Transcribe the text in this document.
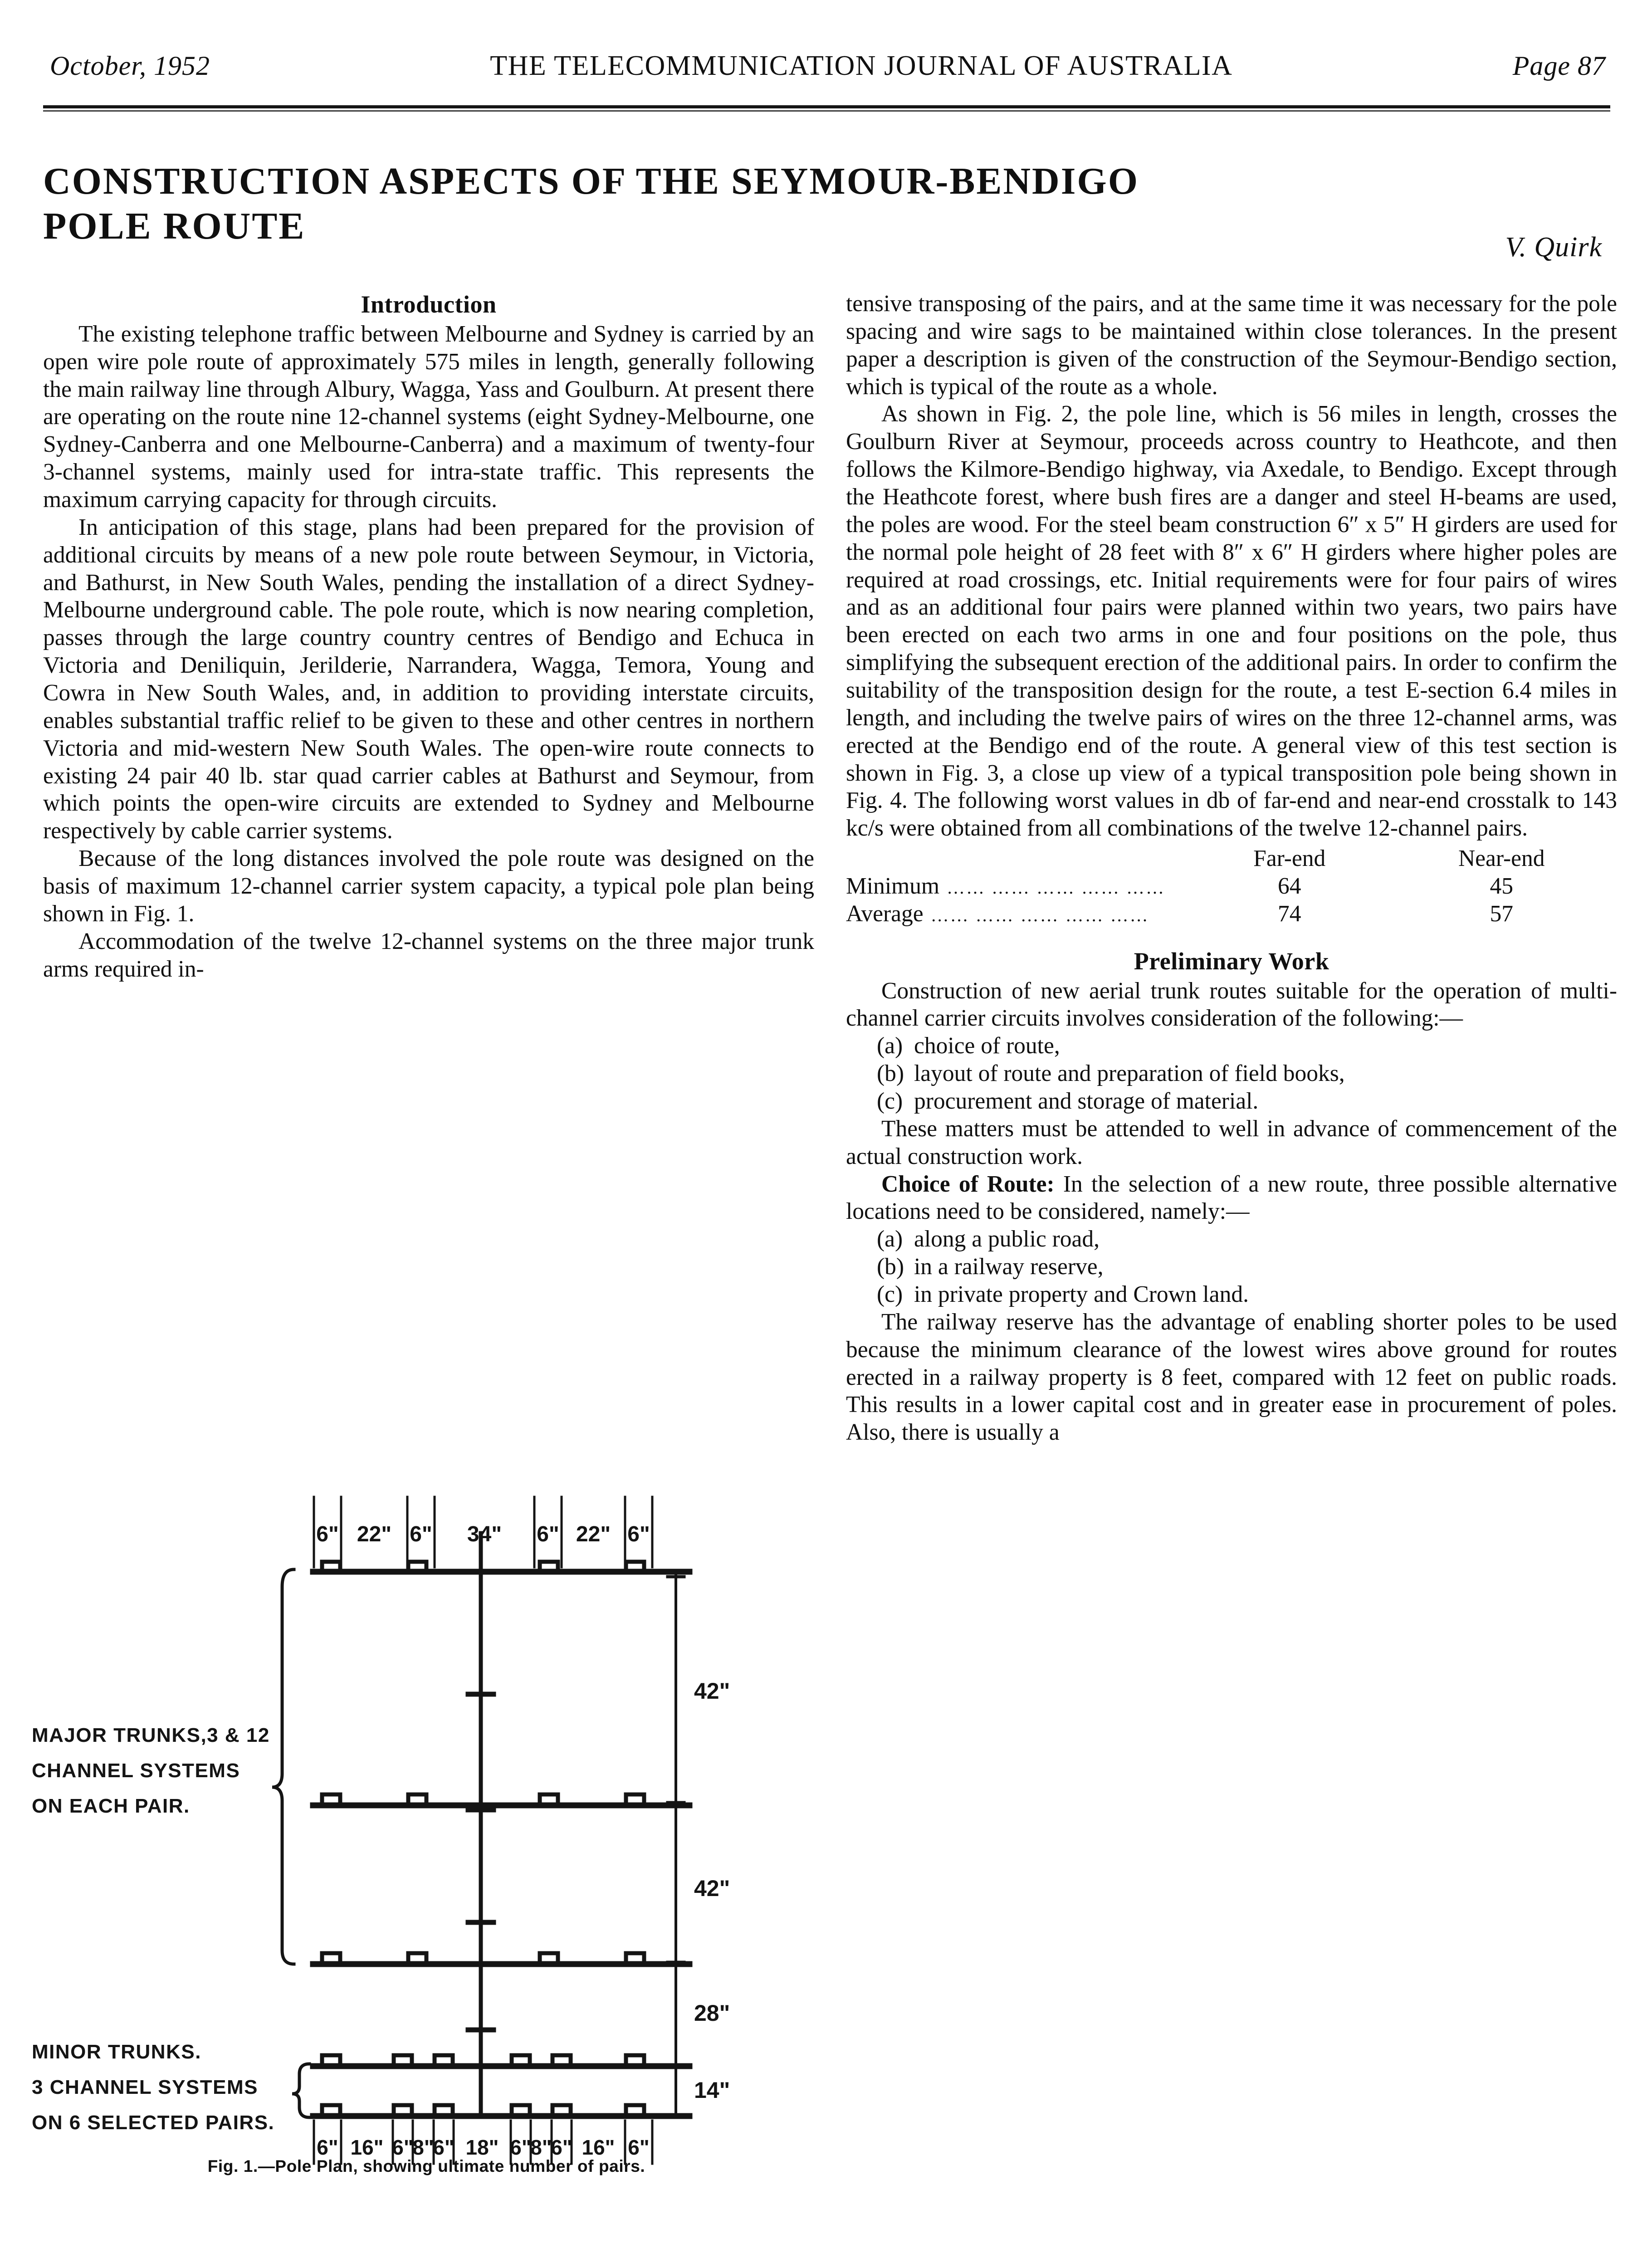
October, 1952	THE TELECOMMUNICATION JOURNAL OF AUSTRALIA	Page 87
CONSTRUCTION ASPECTS OF THE SEYMOUR-BENDIGO
POLE ROUTE	V. Quirk
Introduction

The existing telephone traffic between Melbourne and Sydney is carried by an open wire pole route of approximately 575 miles in length, generally following the main railway line through Albury, Wagga, Yass and Goulburn. At present there are operating on the route nine 12-channel systems (eight Sydney-Melbourne, one Sydney-Canberra and one Melbourne-Canberra) and a maximum of twenty-four 3-channel systems, mainly used for intra-state traffic. This represents the maximum carrying capacity for through circuits.

In anticipation of this stage, plans had been prepared for the provision of additional circuits by means of a new pole route between Seymour, in Victoria, and Bathurst, in New South Wales, pending the installation of a direct Sydney-Melbourne underground cable. The pole route, which is now nearing completion, passes through the large country country centres of Bendigo and Echuca in Victoria and Deniliquin, Jerilderie, Narrandera, Wagga, Temora, Young and Cowra in New South Wales, and, in addition to providing interstate circuits, enables substantial traffic relief to be given to these and other centres in northern Victoria and mid-western New South Wales. The open-wire route connects to existing 24 pair 40 lb. star quad carrier cables at Bathurst and Seymour, from which points the open-wire circuits are extended to Sydney and Melbourne respectively by cable carrier systems.

Because of the long distances involved the pole route was designed on the basis of maximum 12-channel carrier system capacity, a typical pole plan being shown in Fig. 1.

Accommodation of the twelve 12-channel systems on the three major trunk arms required in-

tensive transposing of the pairs, and at the same time it was necessary for the pole spacing and wire sags to be maintained within close tolerances. In the present paper a description is given of the construction of the Seymour-Bendigo section, which is typical of the route as a whole.

As shown in Fig. 2, the pole line, which is 56 miles in length, crosses the Goulburn River at Seymour, proceeds across country to Heathcote, and then follows the Kilmore-Bendigo highway, via Axedale, to Bendigo. Except through the Heathcote forest, where bush fires are a danger and steel H-beams are used, the poles are wood. For the steel beam construction 6″ x 5″ H girders are used for the normal pole height of 28 feet with 8″ x 6″ H girders where higher poles are required at road crossings, etc. Initial requirements were for four pairs of wires and as an additional four pairs were planned within two years, two pairs have been erected on each two arms in one and four positions on the pole, thus simplifying the subsequent erection of the additional pairs. In order to confirm the suitability of the transposition design for the route, a test E-section 6.4 miles in length, and including the twelve pairs of wires on the three 12-channel arms, was erected at the Bendigo end of the route. A general view of this test section is shown in Fig. 3, a close up view of a typical transposition pole being shown in Fig. 4. The following worst values in db of far-end and near-end crosstalk to 143 kc/s were obtained from all combinations of the twelve 12-channel pairs.

	Far-end	Near-end
Minimum …… …… …… …… ……	64	45
Average …… …… …… …… ……	74	57
Preliminary Work

Construction of new aerial trunk routes suitable for the operation of multi-channel carrier circuits involves consideration of the following:—

(a) choice of route,
(b) layout of route and preparation of field books,
(c) procurement and storage of material.

These matters must be attended to well in advance of commencement of the actual construction work.

Choice of Route: In the selection of a new route, three possible alternative locations need to be considered, namely:—

(a) along a public road,
(b) in a railway reserve,
(c) in private property and Crown land.

The railway reserve has the advantage of enabling shorter poles to be used because the minimum clearance of the lowest wires above ground for routes erected in a railway property is 8 feet, compared with 12 feet on public roads. This results in a lower capital cost and in greater ease in procurement of poles. Also, there is usually a

6" 22" 6" 34" 6" 22" 6"
6" 16" 6"
8"
6" 18" 6"
8"
6" 16" 6"
42"
42"
28"
14"
MAJOR TRUNKS,3 & 12
CHANNEL SYSTEMS
ON EACH PAIR.
MINOR TRUNKS.
3 CHANNEL SYSTEMS
ON 6 SELECTED PAIRS.
Fig. 1.—Pole Plan, showing ultimate number of pairs.
